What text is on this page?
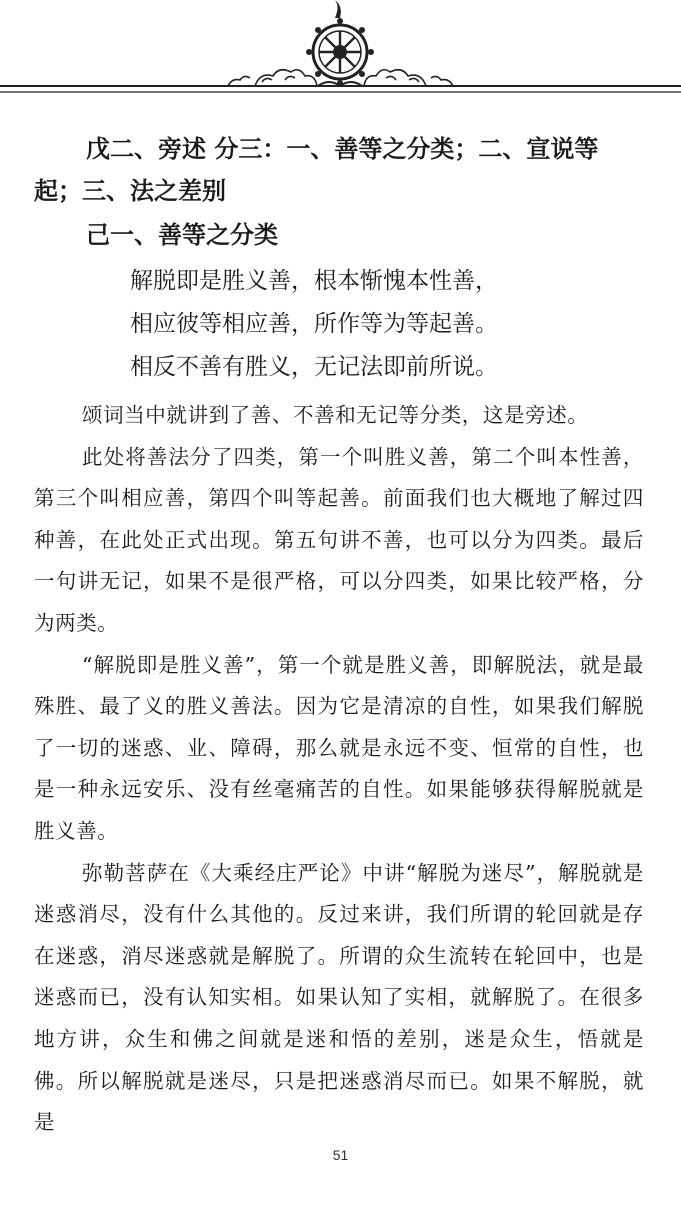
戊二、旁述 分三：一、善等之分类；二、宣说等起；三、法之差别

己一、善等之分类

解脱即是胜义善，根本惭愧本性善，

相应彼等相应善，所作等为等起善。

相反不善有胜义，无记法即前所说。

颂词当中就讲到了善、不善和无记等分类，这是旁述。

此处将善法分了四类，第一个叫胜义善，第二个叫本性善，第三个叫相应善，第四个叫等起善。前面我们也大概地了解过四种善，在此处正式出现。第五句讲不善，也可以分为四类。最后一句讲无记，如果不是很严格，可以分四类，如果比较严格，分为两类。

“解脱即是胜义善”，第一个就是胜义善，即解脱法，就是最殊胜、最了义的胜义善法。因为它是清凉的自性，如果我们解脱了一切的迷惑、业、障碍，那么就是永远不变、恒常的自性，也是一种永远安乐、没有丝毫痛苦的自性。如果能够获得解脱就是胜义善。

弥勒菩萨在《大乘经庄严论》中讲“解脱为迷尽”，解脱就是迷惑消尽，没有什么其他的。反过来讲，我们所谓的轮回就是存在迷惑，消尽迷惑就是解脱了。所谓的众生流转在轮回中，也是迷惑而已，没有认知实相。如果认知了实相，就解脱了。在很多地方讲，众生和佛之间就是迷和悟的差别，迷是众生，悟就是佛。所以解脱就是迷尽，只是把迷惑消尽而已。如果不解脱，就是

51
